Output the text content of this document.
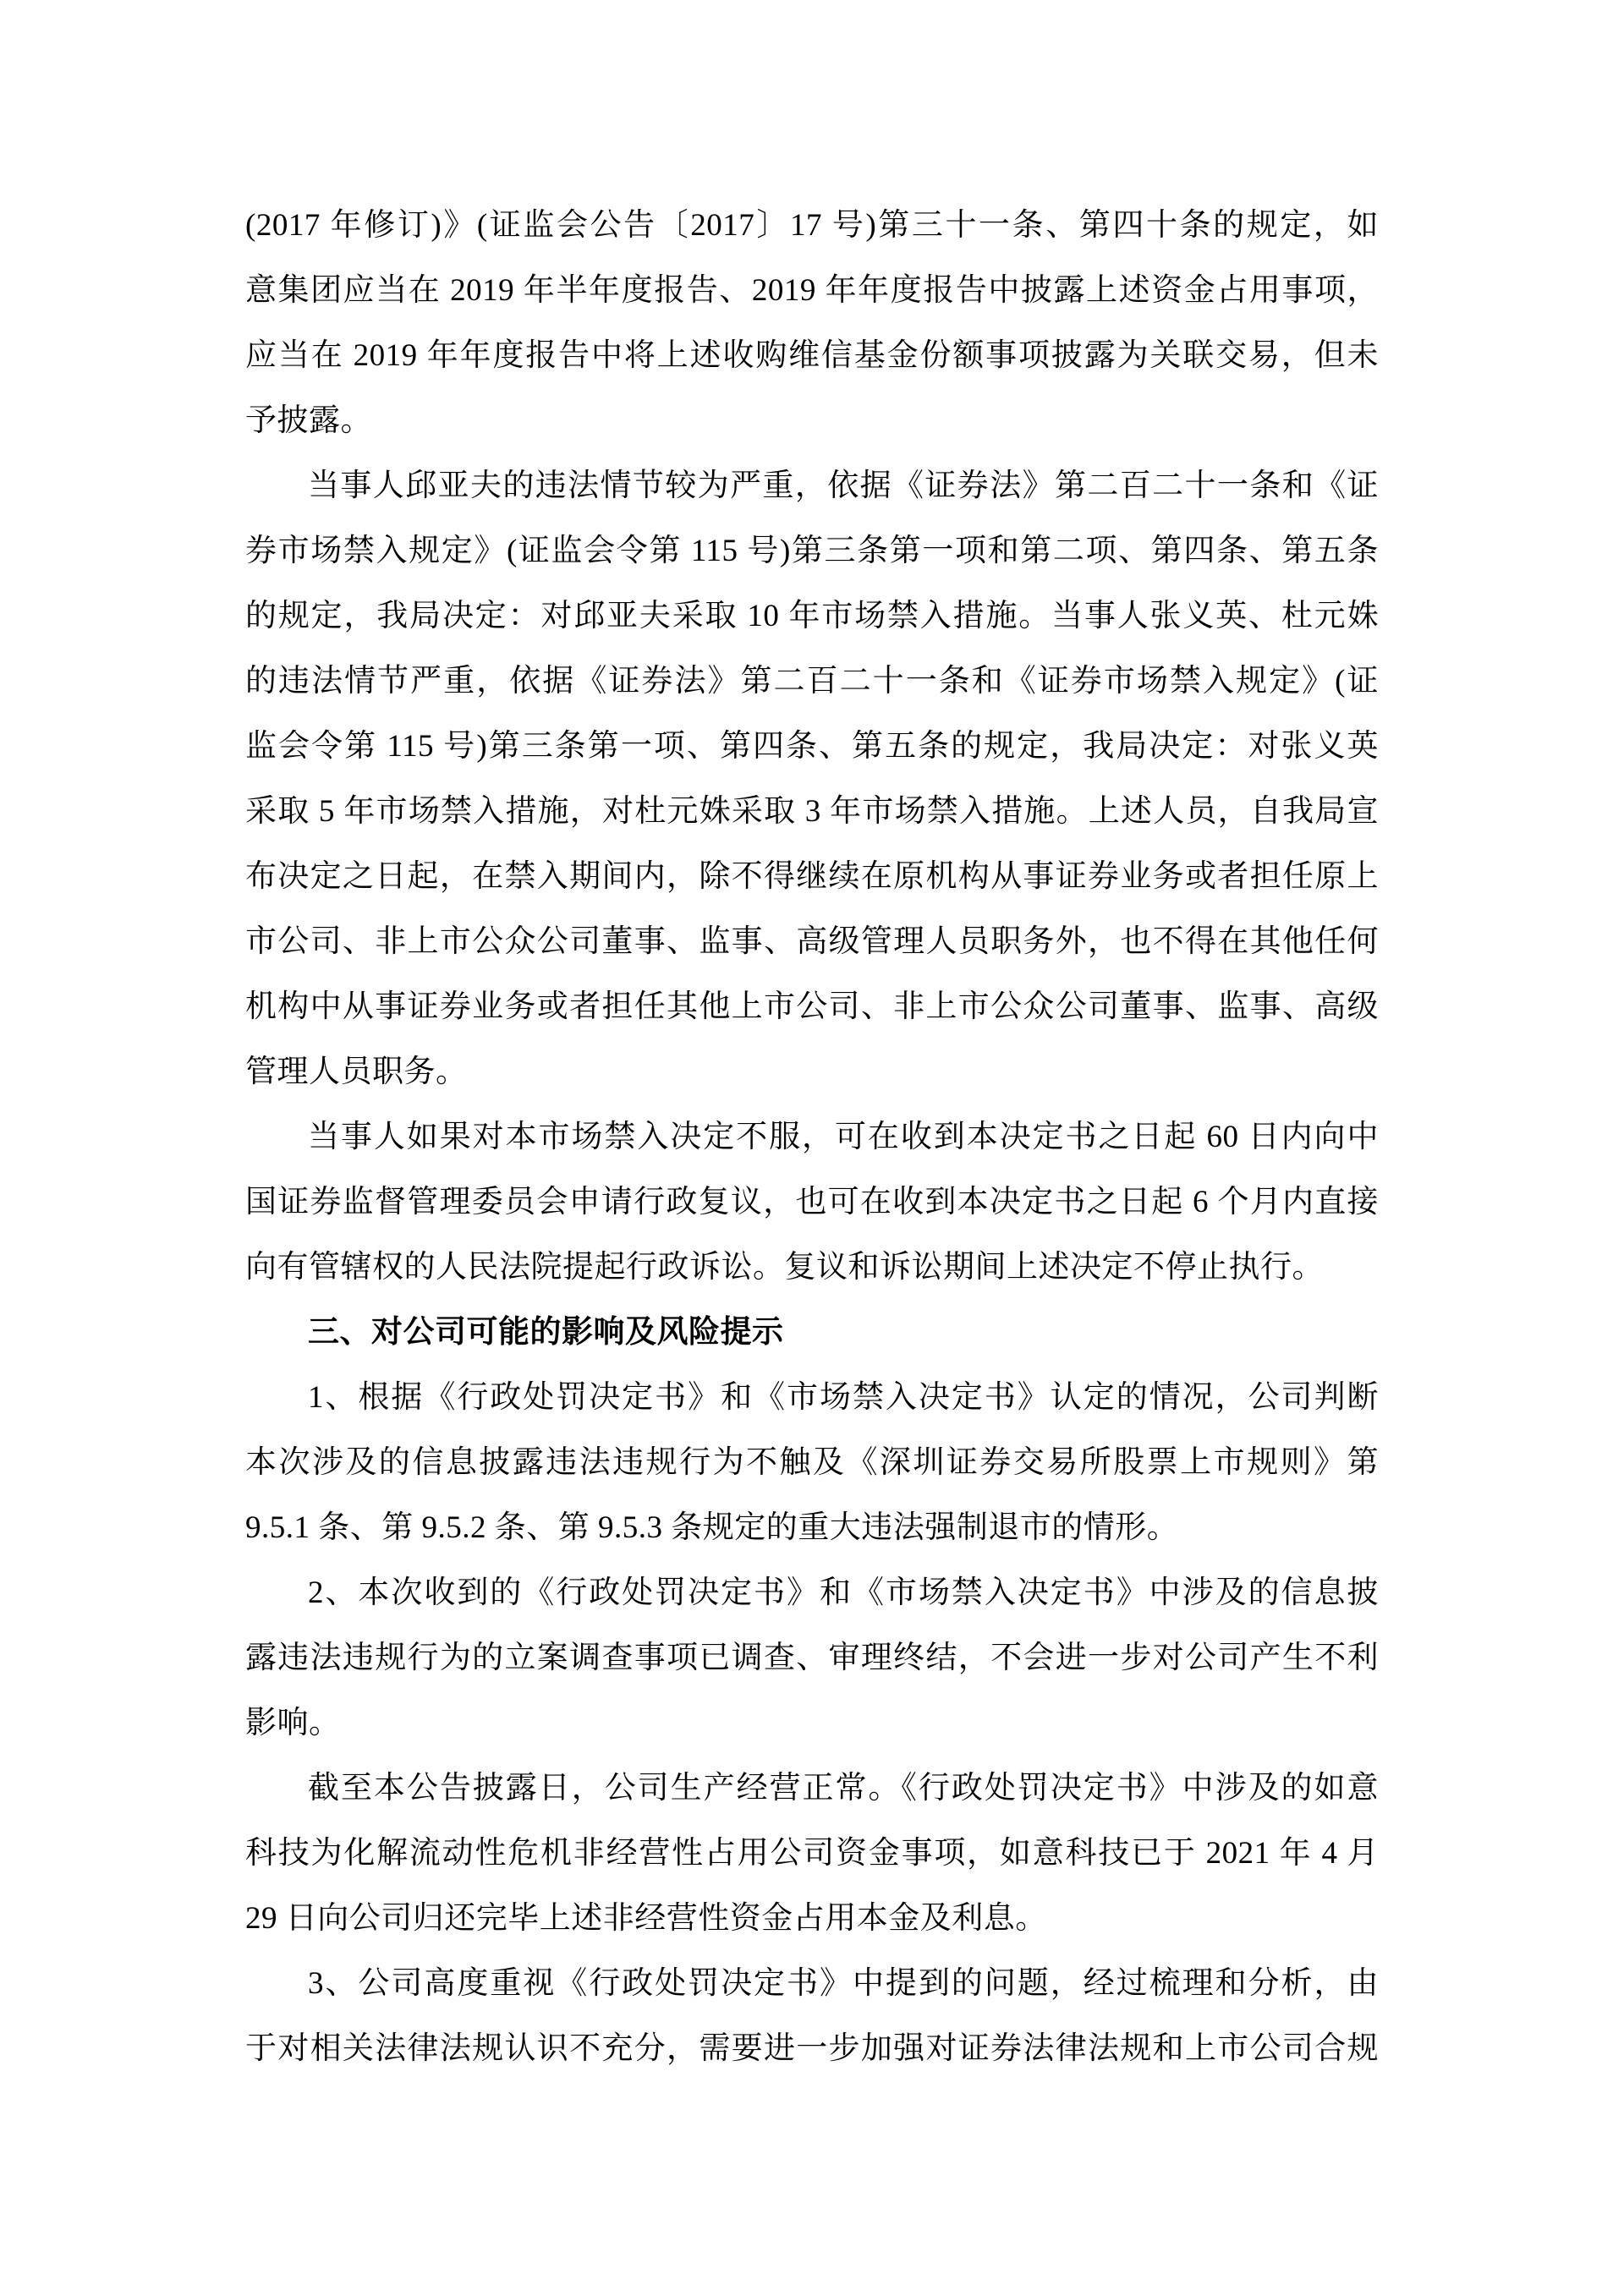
(2017 年修订)》(证监会公告〔2017〕17 号)第三十一条、第四十条的规定，如
意集团应当在 2019 年半年度报告、2019 年年度报告中披露上述资金占用事项，
应当在 2019 年年度报告中将上述收购维信基金份额事项披露为关联交易，但未
予披露。
当事人邱亚夫的违法情节较为严重，依据《证券法》第二百二十一条和《证
券市场禁入规定》(证监会令第 115 号)第三条第一项和第二项、第四条、第五条
的规定，我局决定：对邱亚夫采取 10 年市场禁入措施。当事人张义英、杜元姝
的违法情节严重，依据《证券法》第二百二十一条和《证券市场禁入规定》(证
监会令第 115 号)第三条第一项、第四条、第五条的规定，我局决定：对张义英
采取 5 年市场禁入措施，对杜元姝采取 3 年市场禁入措施。上述人员，自我局宣
布决定之日起，在禁入期间内，除不得继续在原机构从事证券业务或者担任原上
市公司、非上市公众公司董事、监事、高级管理人员职务外，也不得在其他任何
机构中从事证券业务或者担任其他上市公司、非上市公众公司董事、监事、高级
管理人员职务。
当事人如果对本市场禁入决定不服，可在收到本决定书之日起 60 日内向中
国证券监督管理委员会申请行政复议，也可在收到本决定书之日起 6 个月内直接
向有管辖权的人民法院提起行政诉讼。复议和诉讼期间上述决定不停止执行。
三、对公司可能的影响及风险提示
1、根据《行政处罚决定书》和《市场禁入决定书》认定的情况，公司判断
本次涉及的信息披露违法违规行为不触及《深圳证券交易所股票上市规则》第
9.5.1 条、第 9.5.2 条、第 9.5.3 条规定的重大违法强制退市的情形。
2、本次收到的《行政处罚决定书》和《市场禁入决定书》中涉及的信息披
露违法违规行为的立案调查事项已调查、审理终结，不会进一步对公司产生不利
影响。
截至本公告披露日，公司生产经营正常。《行政处罚决定书》中涉及的如意
科技为化解流动性危机非经营性占用公司资金事项，如意科技已于 2021 年 4 月
29 日向公司归还完毕上述非经营性资金占用本金及利息。
3、公司高度重视《行政处罚决定书》中提到的问题，经过梳理和分析，由
于对相关法律法规认识不充分，需要进一步加强对证券法律法规和上市公司合规
